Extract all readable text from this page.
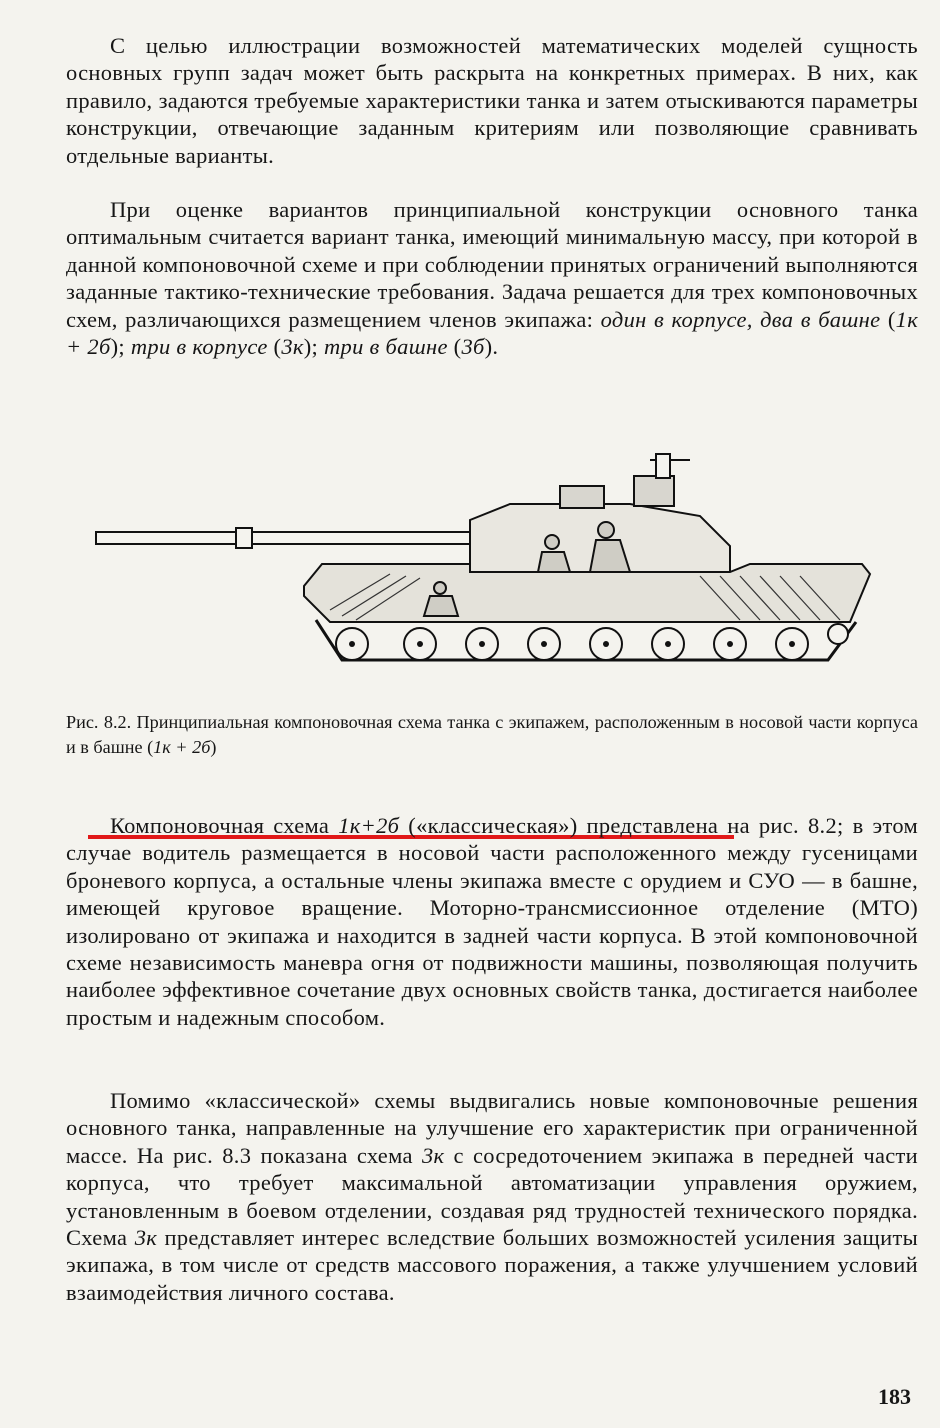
С целью иллюстрации возможностей математических моделей сущность основных групп задач может быть раскрыта на конкретных примерах. В них, как правило, задаются требуемые характеристики танка и затем отыскиваются параметры конструкции, отвечающие заданным критериям или позволяющие сравнивать отдельные варианты.

При оценке вариантов принципиальной конструкции основного танка оптимальным считается вариант танка, имеющий минимальную массу, при которой в данной компоновочной схеме и при соблюдении принятых ограничений выполняются заданные тактико-технические требования. Задача решается для трех компоновочных схем, различающихся размещением членов экипажа: один в корпусе, два в башне (1к + 2б); три в корпусе (3к); три в башне (3б).

Рис. 8.2. Принципиальная компоновочная схема танка с экипажем, расположенным в носовой части корпуса и в башне (1к + 2б)

Компоновочная схема 1к+2б («классическая») представлена на рис. 8.2; в этом случае водитель размещается в носовой части расположенного между гусеницами броневого корпуса, а остальные члены экипажа вместе с орудием и СУО — в башне, имеющей круговое вращение. Моторно-трансмиссионное отделение (МТО) изолировано от экипажа и находится в задней части корпуса. В этой компоновочной схеме независимость маневра огня от подвижности машины, позволяющая получить наиболее эффективное сочетание двух основных свойств танка, достигается наиболее простым и надежным способом.

Помимо «классической» схемы выдвигались новые компоновочные решения основного танка, направленные на улучшение его характеристик при ограниченной массе. На рис. 8.3 показана схема 3к с сосредоточением экипажа в передней части корпуса, что требует максимальной автоматизации управления оружием, установленным в боевом отделении, создавая ряд трудностей технического порядка. Схема 3к представляет интерес вследствие больших возможностей усиления защиты экипажа, в том числе от средств массового поражения, а также улучшением условий взаимодействия личного состава.

183
